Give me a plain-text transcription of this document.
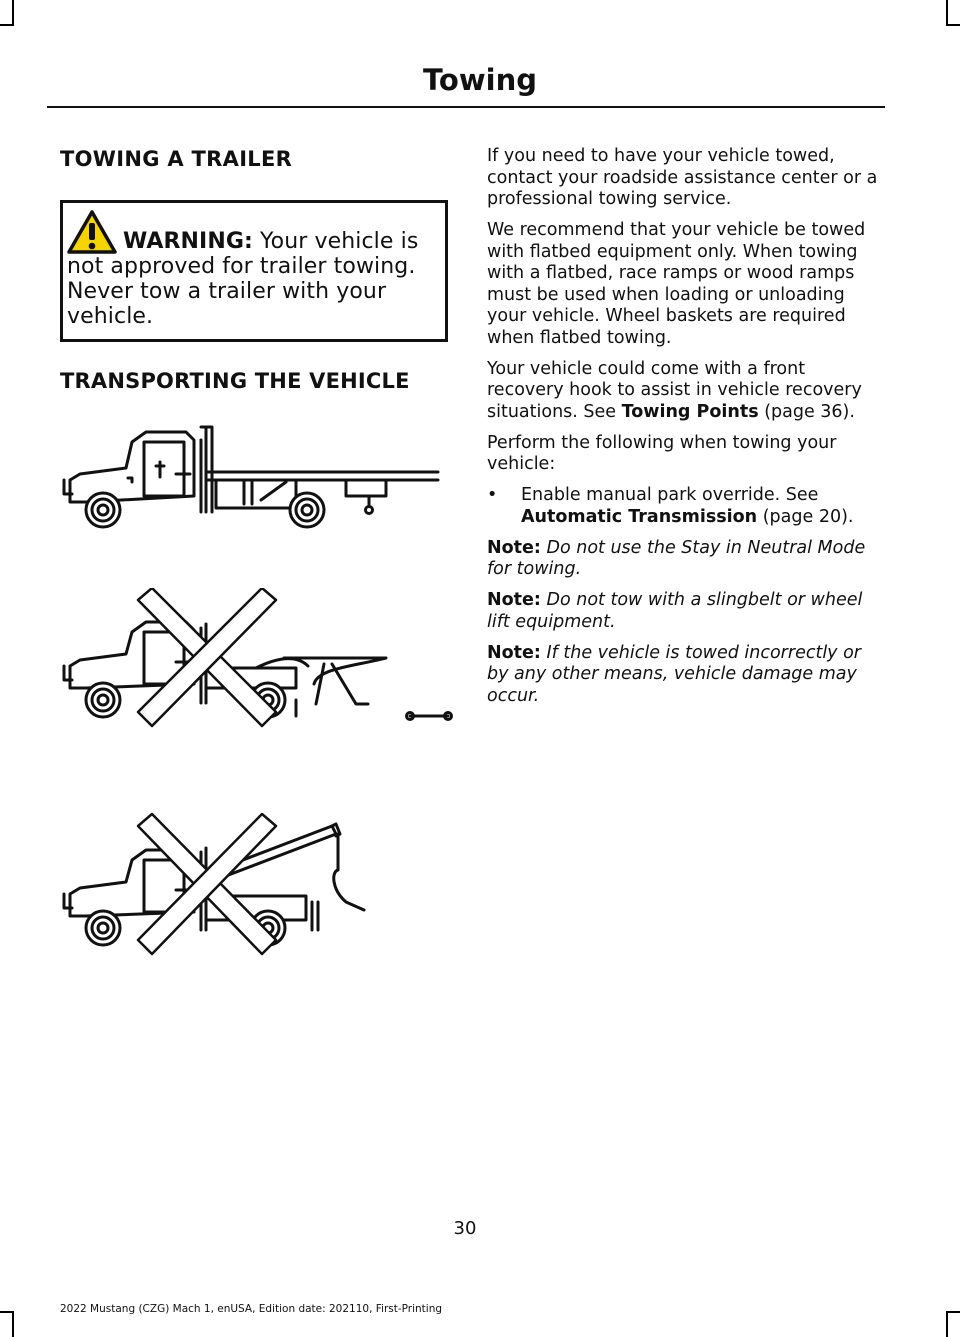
Towing
TOWING A TRAILER
WARNING: Your vehicle is not approved for trailer towing. Never tow a trailer with your vehicle.
TRANSPORTING THE VEHICLE

If you need to have your vehicle towed, contact your roadside assistance center or a professional towing service.

We recommend that your vehicle be towed with flatbed equipment only. When towing with a flatbed, race ramps or wood ramps must be used when loading or unloading your vehicle. Wheel baskets are required when flatbed towing.

Your vehicle could come with a front recovery hook to assist in vehicle recovery situations. See Towing Points (page 36).

Perform the following when towing your vehicle:

•	Enable manual park override. See Automatic Transmission (page 20).

Note: Do not use the Stay in Neutral Mode for towing.

Note: Do not tow with a slingbelt or wheel lift equipment.

Note: If the vehicle is towed incorrectly or by any other means, vehicle damage may occur.

30
2022 Mustang (CZG) Mach 1, enUSA, Edition date: 202110, First-Printing
